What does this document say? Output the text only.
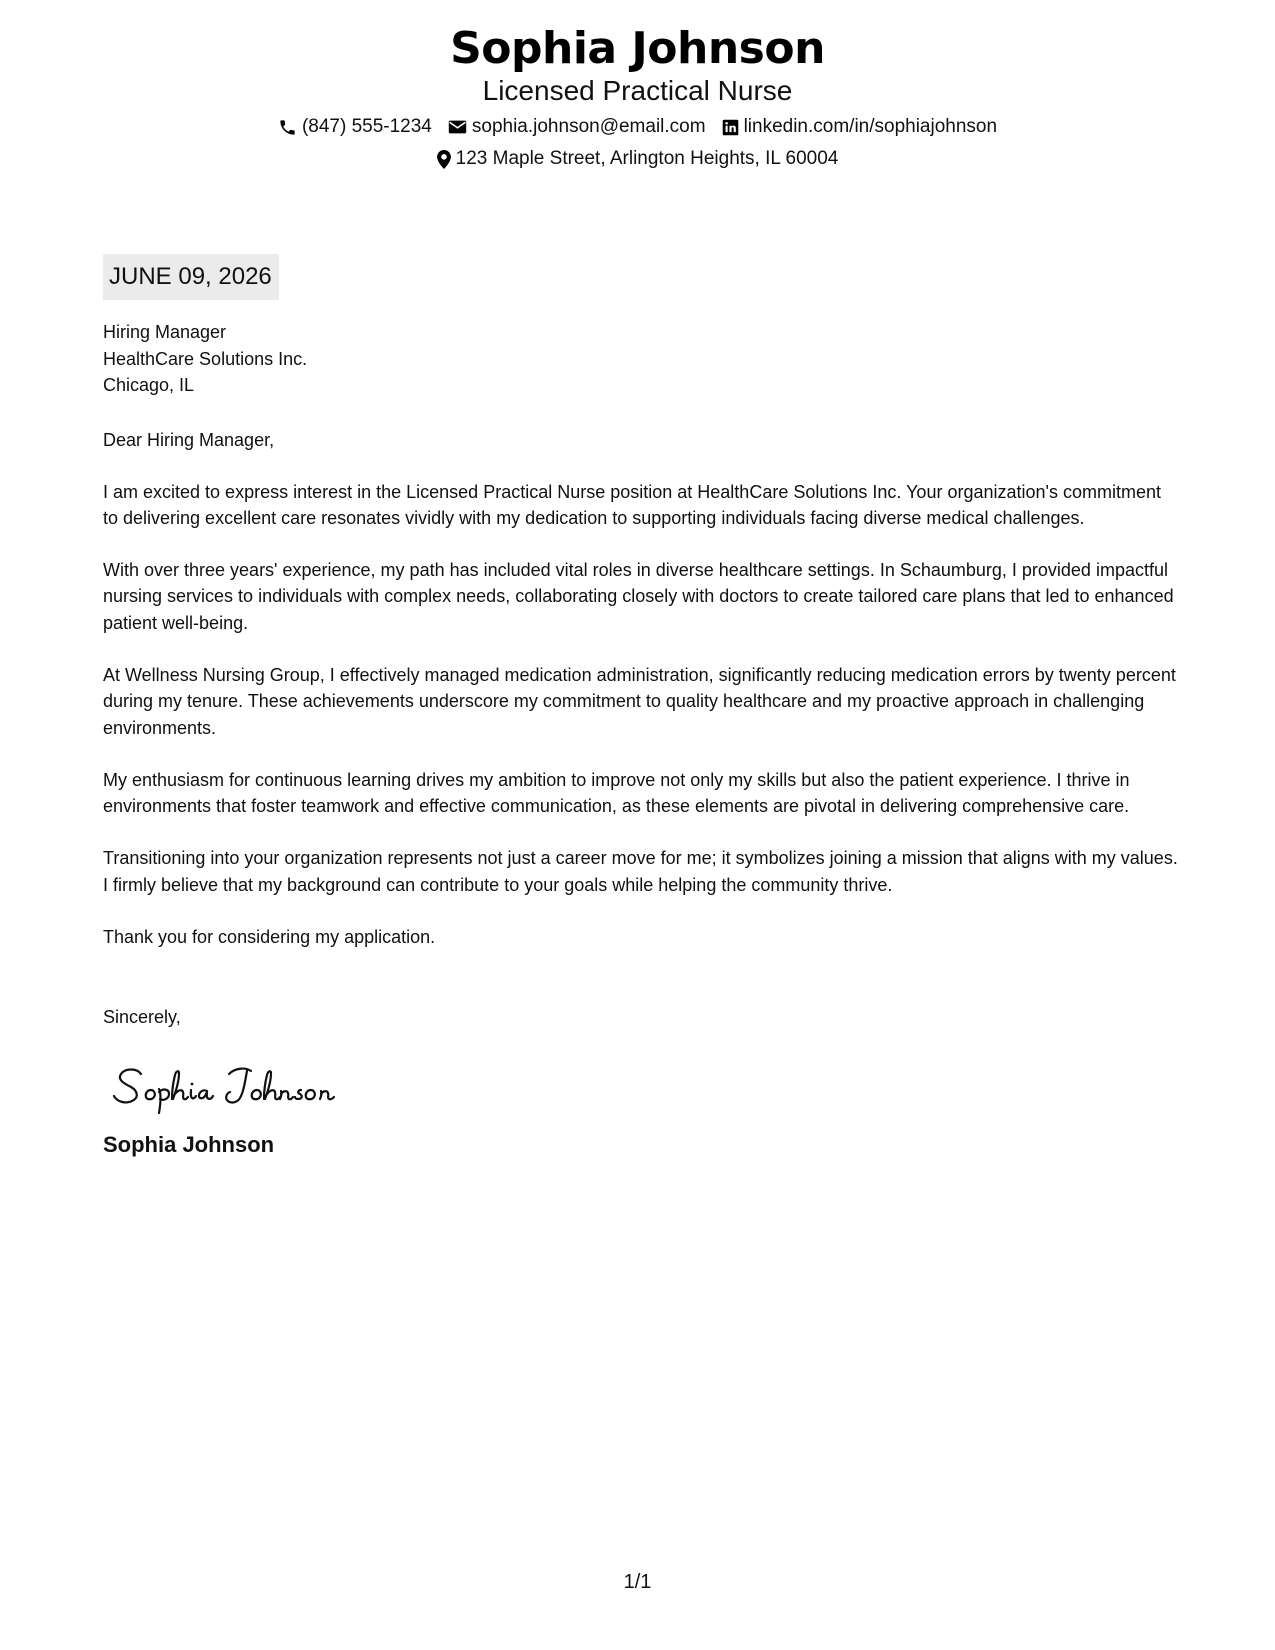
Sophia Johnson
Licensed Practical Nurse
(847) 555-1234 sophia.johnson@email.com linkedin.com/in/sophiajohnson
123 Maple Street, Arlington Heights, IL 60004
JUNE 09, 2026
Hiring Manager
HealthCare Solutions Inc.
Chicago, IL
Dear Hiring Manager,
I am excited to express interest in the Licensed Practical Nurse position at HealthCare Solutions Inc. Your organization's commitment to delivering excellent care resonates vividly with my dedication to supporting individuals facing diverse medical challenges.
With over three years' experience, my path has included vital roles in diverse healthcare settings. In Schaumburg, I provided impactful nursing services to individuals with complex needs, collaborating closely with doctors to create tailored care plans that led to enhanced patient well-being.
At Wellness Nursing Group, I effectively managed medication administration, significantly reducing medication errors by twenty percent during my tenure. These achievements underscore my commitment to quality healthcare and my proactive approach in challenging environments.
My enthusiasm for continuous learning drives my ambition to improve not only my skills but also the patient experience. I thrive in environments that foster teamwork and effective communication, as these elements are pivotal in delivering comprehensive care.
Transitioning into your organization represents not just a career move for me; it symbolizes joining a mission that aligns with my values. I firmly believe that my background can contribute to your goals while helping the community thrive.
Thank you for considering my application.
Sincerely,
Sophia Johnson
1/1
